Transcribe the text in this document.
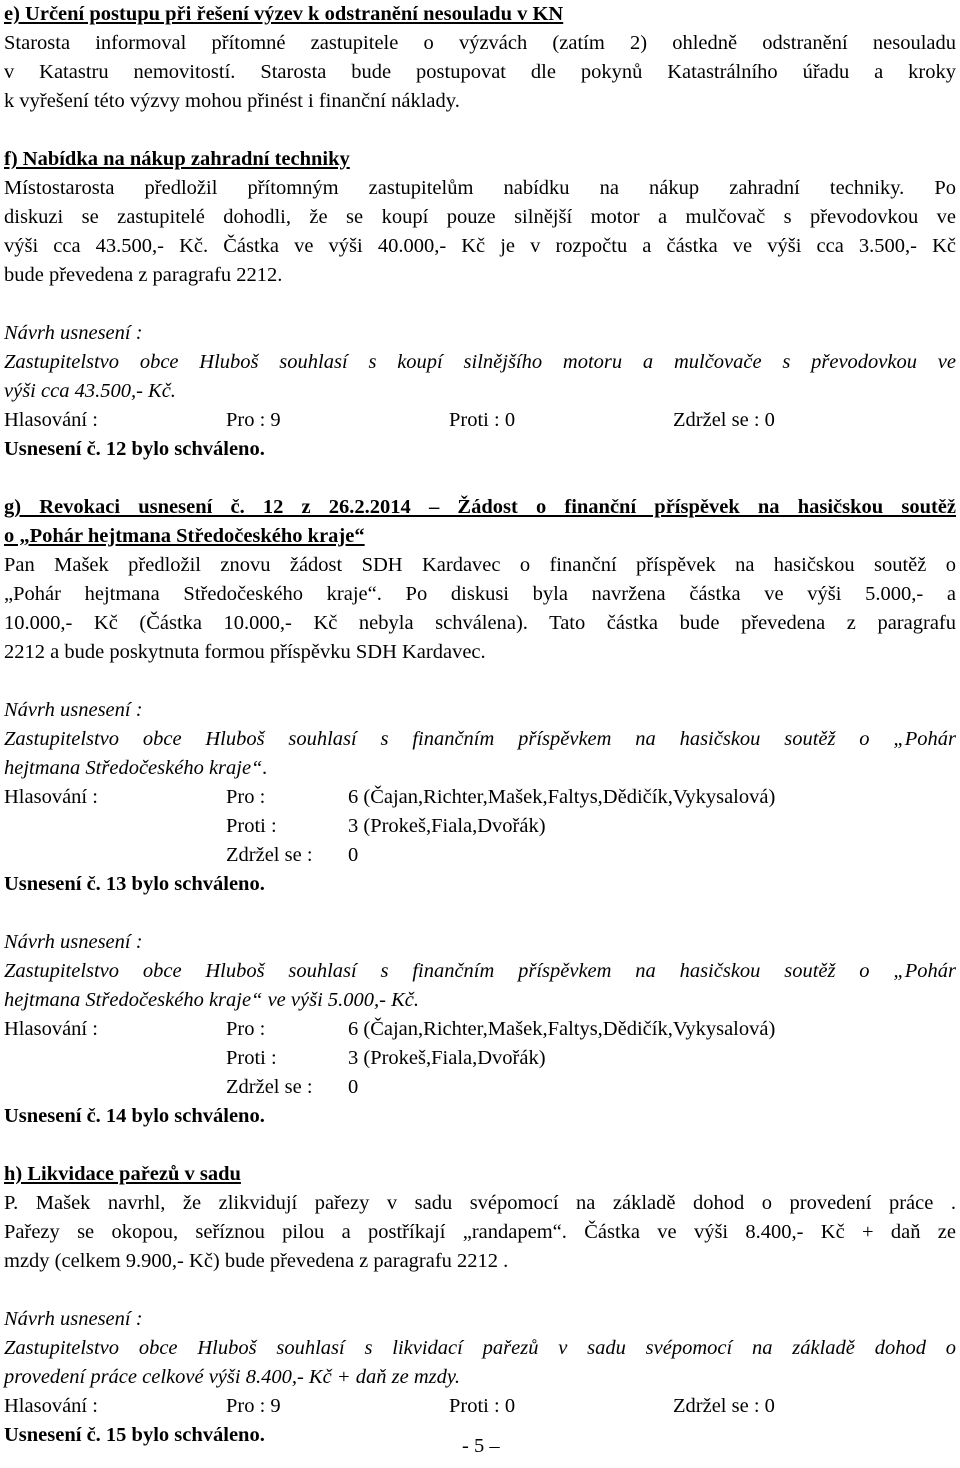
e) Určení postupu při řešení výzev k odstranění nesouladu v KN
Starosta informoval přítomné zastupitele o výzvách (zatím 2) ohledně odstranění nesouladu
v Katastru nemovitostí. Starosta bude postupovat dle pokynů Katastrálního úřadu a kroky
k vyřešení této výzvy mohou přinést i finanční náklady.
f) Nabídka na nákup zahradní techniky
Místostarosta předložil přítomným zastupitelům nabídku na nákup zahradní techniky. Po
diskuzi se zastupitelé dohodli, že se koupí pouze silnější motor a mulčovač s převodovkou ve
výši cca 43.500,- Kč. Částka ve výši 40.000,- Kč je v rozpočtu a částka ve výši cca 3.500,- Kč
bude převedena z paragrafu 2212.
Návrh usnesení :
Zastupitelstvo obce Hluboš souhlasí s koupí silnějšího motoru a mulčovače s převodovkou ve
výši cca 43.500,- Kč.
Hlasování :	Pro : 9	Proti : 0	Zdržel se : 0
Usnesení č. 12 bylo schváleno.
g) Revokaci usnesení č. 12 z 26.2.2014 – Žádost o finanční příspěvek na hasičskou soutěž
o „Pohár hejtmana Středočeského kraje“
Pan Mašek předložil znovu žádost SDH Kardavec o finanční příspěvek na hasičskou soutěž o
„Pohár hejtmana Středočeského kraje“. Po diskusi byla navržena částka ve výši 5.000,- a
10.000,- Kč (Částka 10.000,- Kč nebyla schválena). Tato částka bude převedena z paragrafu
2212 a bude poskytnuta formou příspěvku SDH Kardavec.
Návrh usnesení :
Zastupitelstvo obce Hluboš souhlasí s finančním příspěvkem na hasičskou soutěž o „Pohár
hejtmana Středočeského kraje“.
Hlasování :	Pro :	6 (Čajan,Richter,Mašek,Faltys,Dědičík,Vykysalová)
Proti :	3 (Prokeš,Fiala,Dvořák)
Zdržel se : 0
Usnesení č. 13 bylo schváleno.
Návrh usnesení :
Zastupitelstvo obce Hluboš souhlasí s finančním příspěvkem na hasičskou soutěž o „Pohár
hejtmana Středočeského kraje“ ve výši 5.000,- Kč.
Hlasování :	Pro :	6 (Čajan,Richter,Mašek,Faltys,Dědičík,Vykysalová)
Proti :	3 (Prokeš,Fiala,Dvořák)
Zdržel se : 0
Usnesení č. 14 bylo schváleno.
h) Likvidace pařezů v sadu
P. Mašek navrhl, že zlikvidují pařezy v sadu svépomocí na základě dohod o provedení práce .
Pařezy se okopou, seříznou pilou a postříkají „randapem“. Částka ve výši 8.400,- Kč + daň ze
mzdy (celkem 9.900,- Kč) bude převedena z paragrafu 2212 .
Návrh usnesení :
Zastupitelstvo obce Hluboš souhlasí s likvidací pařezů v sadu svépomocí na základě dohod o
provedení práce celkové výši 8.400,- Kč + daň ze mzdy.
Hlasování :	Pro : 9	Proti : 0	Zdržel se : 0
Usnesení č. 15 bylo schváleno.	- 5 –
